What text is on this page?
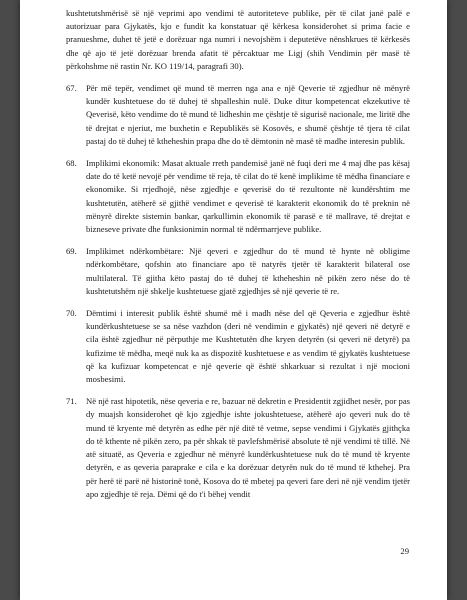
kushtetutshmërisë së një veprimi apo vendimi të autoriteteve publike, për të cilat janë palë e autorizuar para Gjykatës, kjo e fundit ka konstatuar që kërkesa konsiderohet si prima facie e pranueshme, duhet të jetë e dorëzuar nga numri i nevojshëm i deputetëve nënshkrues të kërkesës dhe që ajo të jetë dorëzuar brenda afatit të përcaktuar me Ligj (shih Vendimin për masë të përkohshme në rastin Nr. KO 119/14, paragrafi 30).

67.	Për më tepër, vendimet që mund të merren nga ana e një Qeverie të zgjedhur në mënyrë kundër kushtetuese do të duhej të shpalleshin nulë. Duke ditur kompetencat ekzekutive të Qeverisë, këto vendime do të mund të lidheshin me çështje të sigurisë nacionale, me liritë dhe të drejtat e njeriut, me buxhetin e Republikës së Kosovës, e shumë çështje të tjera të cilat pastaj do të duhej të ktheheshin prapa dhe do të dëmtonin në masë të madhe interesin publik.

68.	Implikimi ekonomik: Masat aktuale rreth pandemisë janë në fuqi deri me 4 maj dhe pas kësaj date do të ketë nevojë për vendime të reja, të cilat do të kenë implikime të mëdha financiare e ekonomike. Si rrjedhojë, nëse zgjedhje e qeverisë do të rezultonte në kundërshtim me kushtetutën, atëherë së gjithë vendimet e qeverisë të karakterit ekonomik do të preknin në mënyrë direkte sistemin bankar, qarkullimin ekonomik të parasë e të mallrave, të drejtat e bizneseve private dhe funksionimin normal të ndërmarrjeve publike.

69.	Implikimet ndërkombëtare: Një qeveri e zgjedhur do të mund të hynte në obligime ndërkombëtare, qofshin ato financiare apo të natyrës tjetër të karakterit bilateral ose multilateral. Të gjitha këto pastaj do të duhej të ktheheshin në pikën zero nëse do të kushtetutshëm një shkelje kushtetuese gjatë zgjedhjes së një qeverie të re.

70.	Dëmtimi i interesit publik është shumë më i madh nëse del që Qeveria e zgjedhur është kundërkushtetuese se sa nëse vazhdon (deri në vendimin e gjykatës) një qeveri në detyrë e cila është zgjedhur në përputhje me Kushtetutën dhe kryen detyrën (si qeveri në detyrë) pa kufizime të mëdha, meqë nuk ka as dispozitë kushtetuese e as vendim të gjykatës kushtetuese që ka kufizuar kompetencat e një qeverie që është shkarkuar si rezultat i një mocioni mosbesimi.

71.	Në një rast hipotetik, nëse qeveria e re, bazuar në dekretin e Presidentit zgjidhet nesër, por pas dy muajsh konsiderohet që kjo zgjedhje ishte jokushtetuese, atëherë ajo qeveri nuk do të mund të kryente më detyrën as edhe për një ditë të vetme, sepse vendimi i Gjykatës gjithçka do të kthente në pikën zero, pa për shkak të pavlefshmërisë absolute të një vendimi të tillë. Në atë situatë, as Qeveria e zgjedhur në mënyrë kundërkushtetuese nuk do të mund të kryente detyrën, e as qeveria paraprake e cila e ka dorëzuar detyrën nuk do të mund të kthehej. Pra për herë të parë në historinë tonë, Kosova do të mbetej pa qeveri fare deri në një vendim tjetër apo zgjedhje të reja. Dëmi që do t'i bëhej vendit

29
